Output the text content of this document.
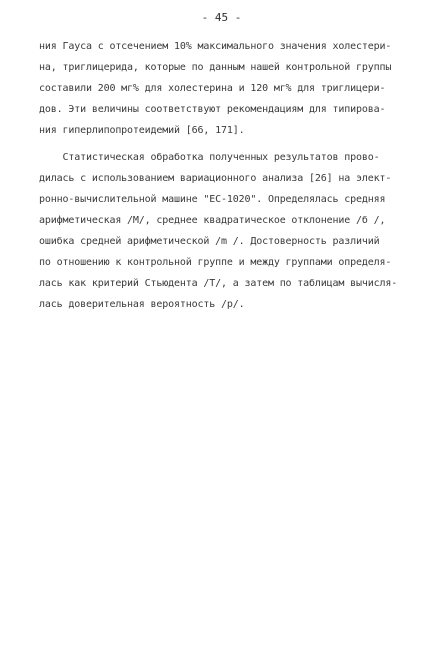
- 45 -
ния Гауса с отсечением 10% максимального значения холестери-
на, триглицерида, которые по данным нашей контрольной группы
составили 200 мг% для холестерина и 120 мг% для триглицери-
дов. Эти величины соответствуют рекомендациям для типирова-
ния гиперлипопротеидемий [66, 171].
Статистическая обработка полученных результатов прово-
дилась с использованием вариационного анализа [26] на элект-
ронно-вычислительной машине "ЕС-1020". Определялась средняя
арифметическая /M/, среднее квадратическое отклонение /б /,
ошибка средней арифметической /m /. Достоверность различий
по отношению к контрольной группе и между группами определя-
лась как критерий Стьюдента /Т/, а затем по таблицам вычисля-
лась доверительная вероятность /р/.
